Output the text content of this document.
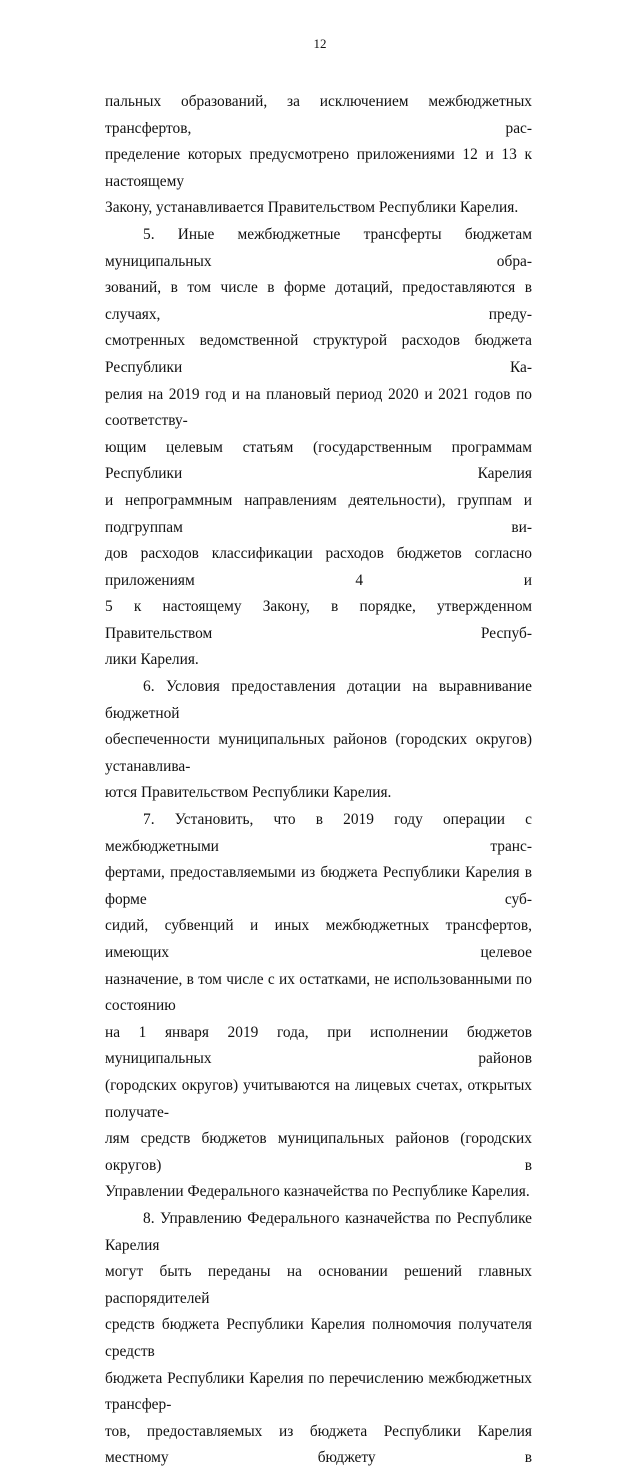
12

пальных образований, за исключением межбюджетных трансфертов, рас-

пределение которых предусмотрено приложениями 12 и 13 к настоящему

Закону, устанавливается Правительством Республики Карелия.

5. Иные межбюджетные трансферты бюджетам муниципальных обра-

зований, в том числе в форме дотаций, предоставляются в случаях, преду-

смотренных ведомственной структурой расходов бюджета Республики Ка-

релия на 2019 год и на плановый период 2020 и 2021 годов по соответству-

ющим целевым статьям (государственным программам Республики Карелия

и непрограммным направлениям деятельности), группам и подгруппам ви-

дов расходов классификации расходов бюджетов согласно приложениям 4 и

5 к настоящему Закону, в порядке, утвержденном Правительством Респуб-

лики Карелия.

6. Условия предоставления дотации на выравнивание бюджетной

обеспеченности муниципальных районов (городских округов) устанавлива-

ются Правительством Республики Карелия.

7. Установить, что в 2019 году операции с межбюджетными транс-

фертами, предоставляемыми из бюджета Республики Карелия в форме суб-

сидий, субвенций и иных межбюджетных трансфертов, имеющих целевое

назначение, в том числе с их остатками, не использованными по состоянию

на 1 января 2019 года, при исполнении бюджетов муниципальных районов

(городских округов) учитываются на лицевых счетах, открытых получате-

лям средств бюджетов муниципальных районов (городских округов) в

Управлении Федерального казначейства по Республике Карелия.

8. Управлению Федерального казначейства по Республике Карелия

могут быть переданы на основании решений главных распорядителей

средств бюджета Республики Карелия полномочия получателя средств

бюджета Республики Карелия по перечислению межбюджетных трансфер-

тов, предоставляемых из бюджета Республики Карелия местному бюджету в
